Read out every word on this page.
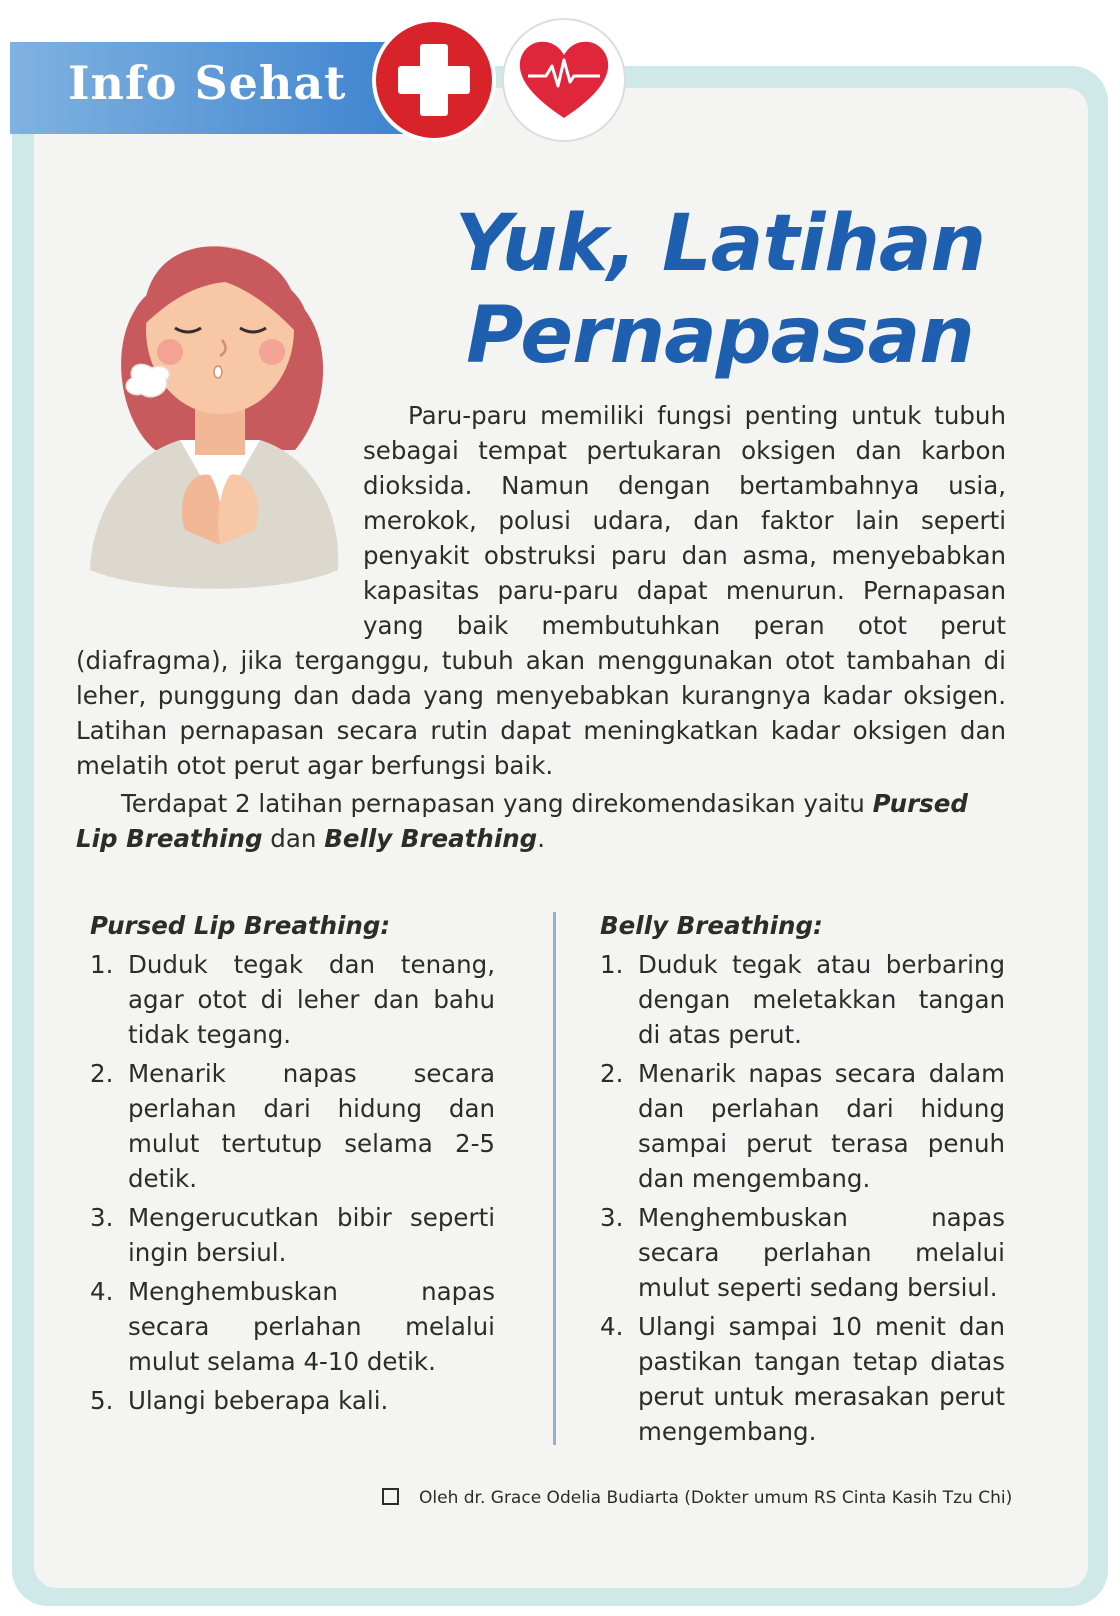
Info Sehat
Yuk, Latihan
Pernapasan

Paru-paru memiliki fungsi penting untuk tubuh sebagai tempat pertukaran oksigen dan karbon dioksida. Namun dengan bertambahnya usia, merokok, polusi udara, dan faktor lain seperti penyakit obstruksi paru dan asma, menyebabkan kapasitas paru-paru dapat menurun. Pernapasan yang baik membutuhkan peran otot perut (diafragma), jika terganggu, tubuh akan menggunakan otot tambahan di leher, punggung dan dada yang menyebabkan kurangnya kadar oksigen. Latihan pernapasan secara rutin dapat meningkatkan kadar oksigen dan melatih otot perut agar berfungsi baik.

Terdapat 2 latihan pernapasan yang direkomendasikan yaitu Pursed Lip Breathing dan Belly Breathing.
Pursed Lip Breathing:
1. Duduk tegak dan tenang, agar otot di leher dan bahu tidak tegang.
2. Menarik napas secara perlahan dari hidung dan mulut tertutup selama 2-5 detik.
3. Mengerucutkan bibir seperti ingin bersiul.
4. Menghembuskan napas secara perlahan melalui mulut selama 4-10 detik.
5. Ulangi beberapa kali.
Belly Breathing:
1. Duduk tegak atau berbaring dengan meletakkan tangan di atas perut.
2. Menarik napas secara dalam dan perlahan dari hidung sampai perut terasa penuh dan mengembang.
3. Menghembuskan napas secara perlahan melalui mulut seperti sedang bersiul.
4. Ulangi sampai 10 menit dan pastikan tangan tetap diatas perut untuk merasakan perut mengembang.
Oleh dr. Grace Odelia Budiarta (Dokter umum RS Cinta Kasih Tzu Chi)
